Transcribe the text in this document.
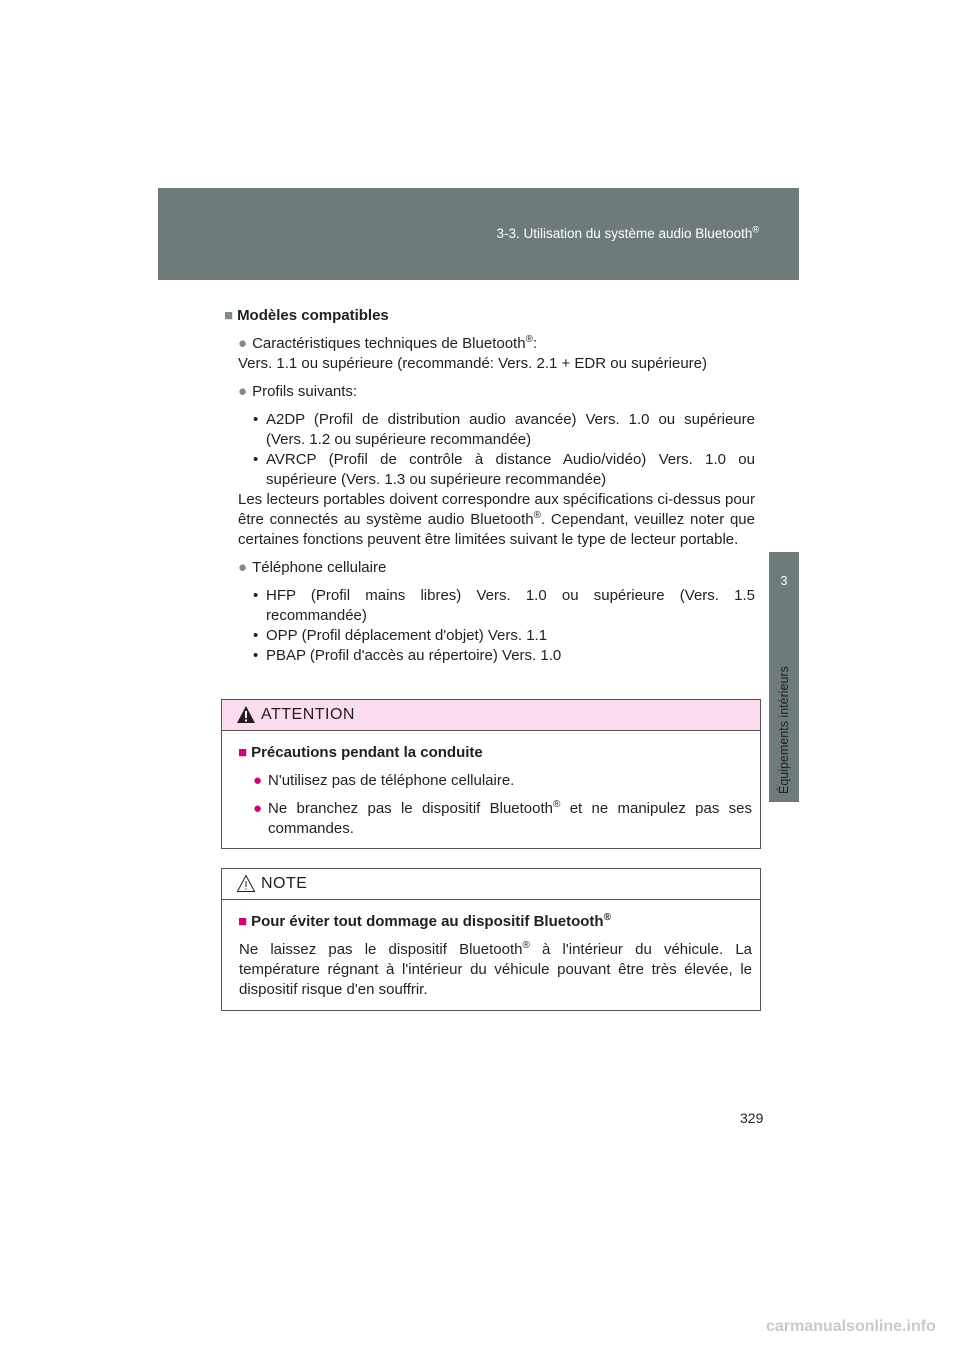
3-3. Utilisation du système audio Bluetooth®
3
Équipements intérieurs
■ Modèles compatibles
● Caractéristiques techniques de Bluetooth®:
Vers. 1.1 ou supérieure (recommandé: Vers. 2.1 + EDR ou supérieure)
● Profils suivants:
• A2DP (Profil de distribution audio avancée) Vers. 1.0 ou supérieure (Vers. 1.2 ou supérieure recommandée)
• AVRCP (Profil de contrôle à distance Audio/vidéo) Vers. 1.0 ou supérieure (Vers. 1.3 ou supérieure recommandée)
Les lecteurs portables doivent correspondre aux spécifications ci-dessus pour être connectés au système audio Bluetooth®. Cependant, veuillez noter que certaines fonctions peuvent être limitées suivant le type de lecteur portable.
● Téléphone cellulaire
• HFP (Profil mains libres) Vers. 1.0 ou supérieure (Vers. 1.5 recommandée)
• OPP (Profil déplacement d'objet) Vers. 1.1
• PBAP (Profil d'accès au répertoire) Vers. 1.0
ATTENTION
■ Précautions pendant la conduite
● N'utilisez pas de téléphone cellulaire.
● Ne branchez pas le dispositif Bluetooth® et ne manipulez pas ses commandes.
NOTE
■ Pour éviter tout dommage au dispositif Bluetooth®
Ne laissez pas le dispositif Bluetooth® à l'intérieur du véhicule. La température régnant à l'intérieur du véhicule pouvant être très élevée, le dispositif risque d'en souffrir.
329
carmanualsonline.info
